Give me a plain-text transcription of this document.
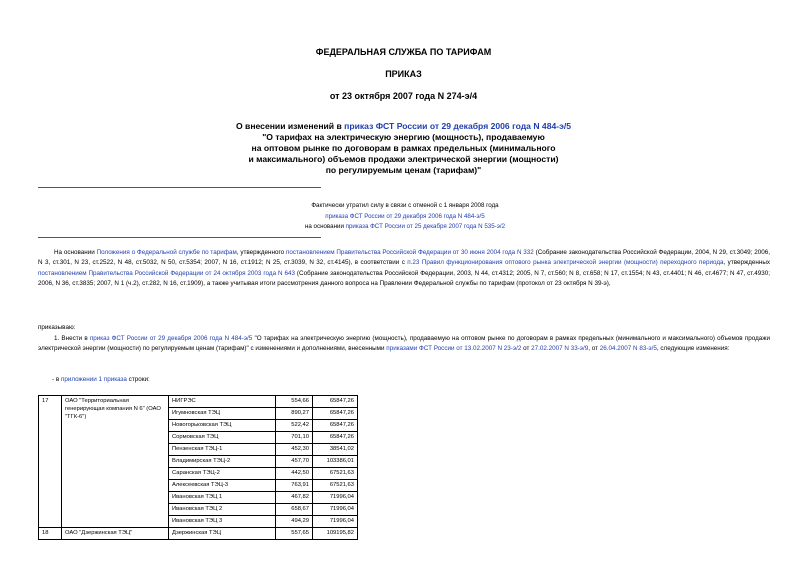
ФЕДЕРАЛЬНАЯ СЛУЖБА ПО ТАРИФАМ
ПРИКАЗ
от 23 октября 2007 года N 274-э/4
О внесении изменений в приказ ФСТ России от 29 декабря 2006 года N 484-э/5
"О тарифах на электрическую энергию (мощность), продаваемую
на оптовом рынке по договорам в рамках предельных (минимального
и максимального) объемов продажи электрической энергии (мощности)
по регулируемым ценам (тарифам)"
Фактически утратил силу в связи с отменой с 1 января 2008 года
приказа ФСТ России от 29 декабря 2006 года N 484-э/5
на основании приказа ФСТ России от 25 декабря 2007 года N 535-э/2
На основании Положения о Федеральной службе по тарифам, утвержденного постановлением Правительства Российской Федерации от 30 июня 2004 года N 332 (Собрание законодательства Российской Федерации, 2004, N 29, ст.3049; 2006, N 3, ст.301, N 23, ст.2522, N 48, ст.5032, N 50, ст.5354; 2007, N 16, ст.1912; N 25, ст.3039, N 32, ст.4145), в соответствии с п.23 Правил функционирования оптового рынка электрической энергии (мощности) переходного периода, утвержденных постановлением Правительства Российской Федерации от 24 октября 2003 года N 643 (Собрание законодательства Российской Федерации, 2003, N 44, ст.4312; 2005, N 7, ст.560; N 8, ст.658; N 17, ст.1554; N 43, ст.4401; N 46, ст.4677; N 47, ст.4930; 2006, N 36, ст.3835; 2007, N 1 (ч.2), ст.282, N 16, ст.1909), а также учитывая итоги рассмотрения данного вопроса на Правлении Федеральной службы по тарифам (протокол от 23 октября N 39-э),
приказываю:
1. Внести в приказ ФСТ России от 29 декабря 2006 года N 484-э/5 "О тарифах на электрическую энергию (мощность), продаваемую на оптовом рынке по договорам в рамках предельных (минимального и максимального) объемов продажи электрической энергии (мощности) по регулируемым ценам (тарифам)" с изменениями и дополнениями, внесенными приказами ФСТ России от 13.02.2007 N 23-э/2 от 27.02.2007 N 33-э/9, от 26.04.2007 N 83-э/5, следующие изменения:
- в приложении 1 приказа строки:
17	ОАО "Территориальная генерирующая компания N 6" (ОАО "ТГК-6")	НИГРЭС	554,66	65847,26
		Игумновская ТЭЦ	890,27	65847,26
		Новогорьковская ТЭЦ	522,42	65847,26
		Сормовская ТЭЦ	701,10	65847,26
		Пензенская ТЭЦ-1	452,30	38541,02
		Владимирская ТЭЦ-2	457,70	103386,01
		Саранская ТЭЦ-2	442,50	67521,63
		Алексеевская ТЭЦ-3	763,91	67521,63
		Ивановская ТЭЦ 1	467,82	71996,04
		Ивановская ТЭЦ 2	658,67	71996,04
		Ивановская ТЭЦ 3	494,29	71996,04
18	ОАО "Дзержинская ТЭЦ"	Дзержинская ТЭЦ	557,65	109195,82
